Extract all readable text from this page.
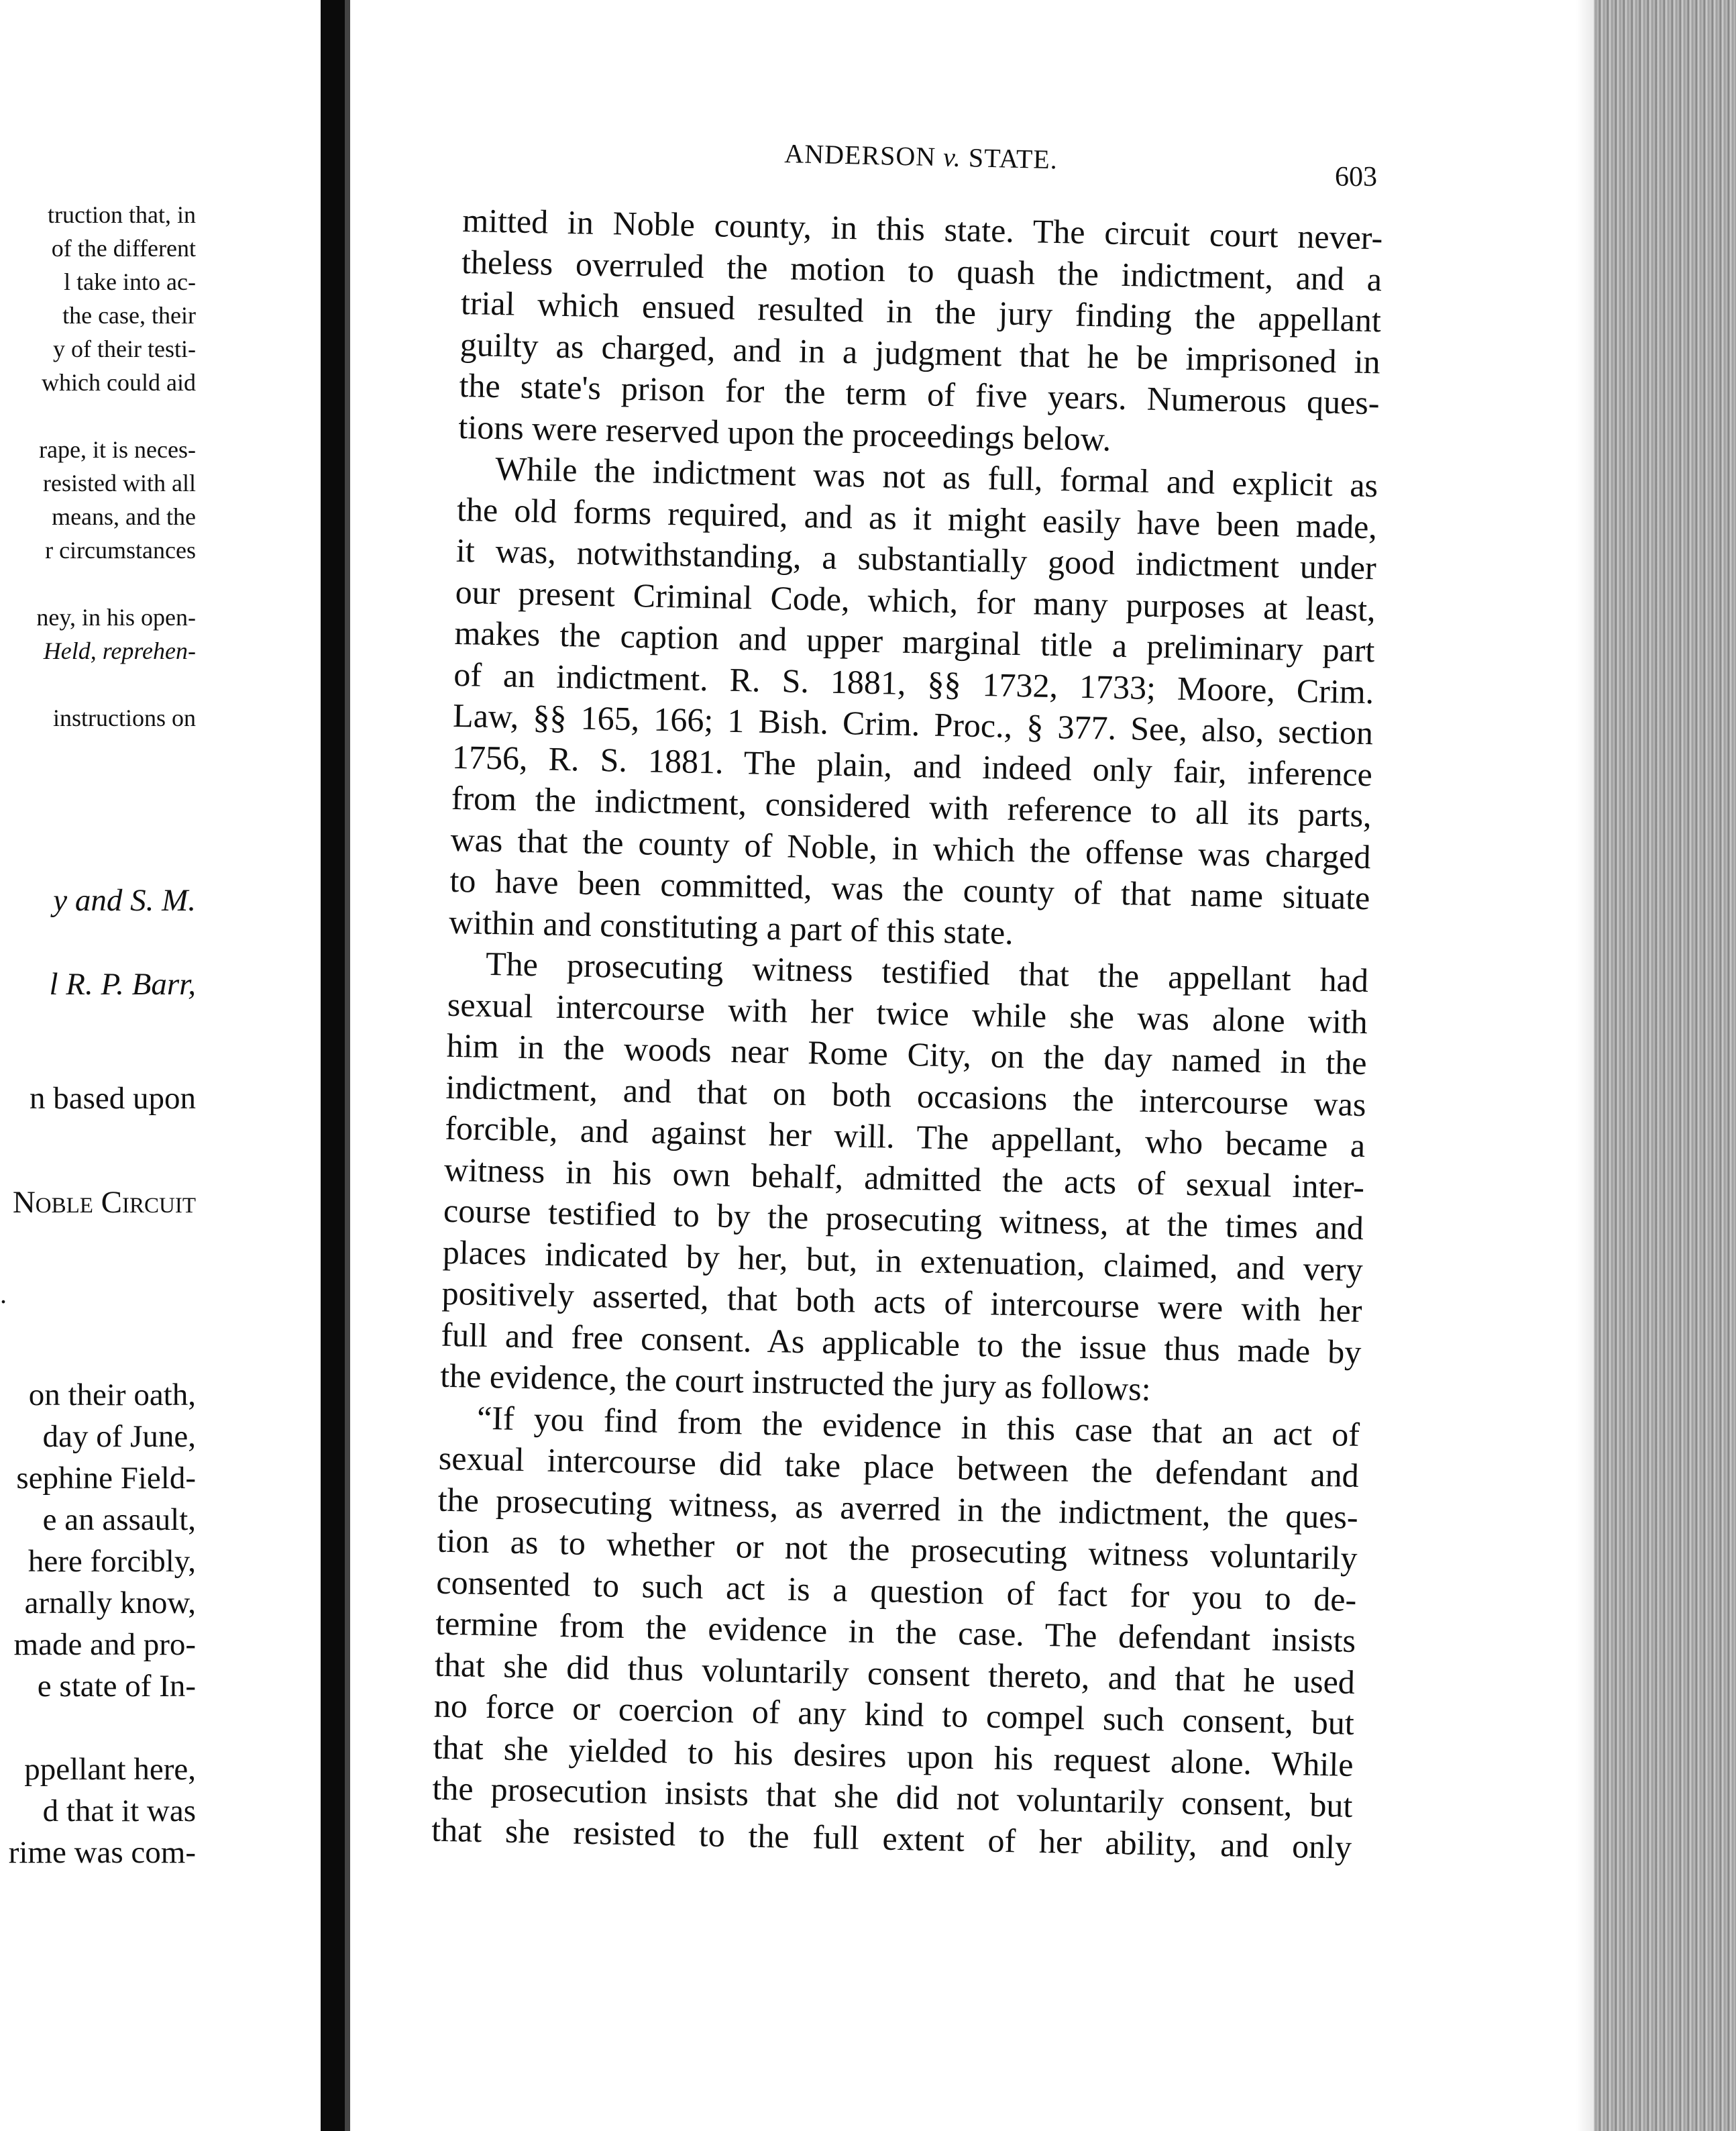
truction that, in
of the different
l take into ac-
the case, their
y of their testi-
which could aid
rape, it is neces-
resisted with all
means, and the
r circumstances
ney, in his open-
Held, reprehen-
instructions on
y and S. M.
l R. P. Barr,
n based upon
Noble Circuit
.
on their oath,
day of June,
sephine Field-
e an assault,
here forcibly,
arnally know,
made and pro-
e state of In-
ppellant here,
d that it was
rime was com-
ANDERSON v. STATE.
603
mitted in Noble county, in this state. The circuit court never-
theless overruled the motion to quash the indictment, and a
trial which ensued resulted in the jury finding the appellant
guilty as charged, and in a judgment that he be imprisoned in
the state's prison for the term of five years. Numerous ques-
tions were reserved upon the proceedings below.
While the indictment was not as full, formal and explicit as
the old forms required, and as it might easily have been made,
it was, notwithstanding, a substantially good indictment under
our present Criminal Code, which, for many purposes at least,
makes the caption and upper marginal title a preliminary part
of an indictment. R. S. 1881, §§ 1732, 1733; Moore, Crim.
Law, §§ 165, 166; 1 Bish. Crim. Proc., § 377. See, also, section
1756, R. S. 1881. The plain, and indeed only fair, inference
from the indictment, considered with reference to all its parts,
was that the county of Noble, in which the offense was charged
to have been committed, was the county of that name situate
within and constituting a part of this state.
The prosecuting witness testified that the appellant had
sexual intercourse with her twice while she was alone with
him in the woods near Rome City, on the day named in the
indictment, and that on both occasions the intercourse was
forcible, and against her will. The appellant, who became a
witness in his own behalf, admitted the acts of sexual inter-
course testified to by the prosecuting witness, at the times and
places indicated by her, but, in extenuation, claimed, and very
positively asserted, that both acts of intercourse were with her
full and free consent. As applicable to the issue thus made by
the evidence, the court instructed the jury as follows:
“If you find from the evidence in this case that an act of
sexual intercourse did take place between the defendant and
the prosecuting witness, as averred in the indictment, the ques-
tion as to whether or not the prosecuting witness voluntarily
consented to such act is a question of fact for you to de-
termine from the evidence in the case. The defendant insists
that she did thus voluntarily consent thereto, and that he used
no force or coercion of any kind to compel such consent, but
that she yielded to his desires upon his request alone. While
the prosecution insists that she did not voluntarily consent, but
that she resisted to the full extent of her ability, and only
